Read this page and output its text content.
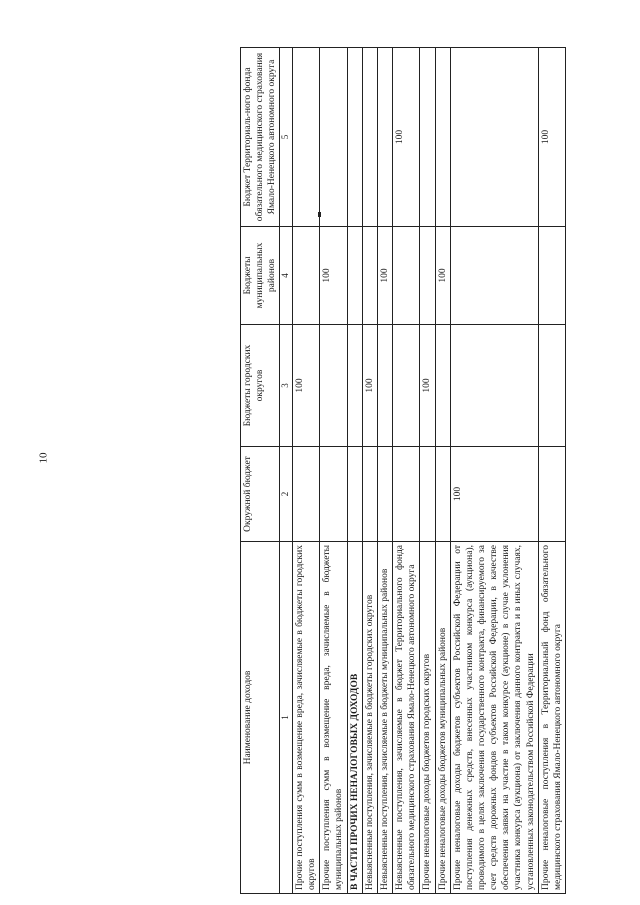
10
Наименование доходов	Окружной бюджет	Бюджеты городских округов	Бюджеты муниципальных районов	Бюджет Территориаль-ного фонда обязательного медицинского страхования Ямало-Ненецкого автономного округа
1	2	3	4	5
Прочие поступления сумм в возмещение вреда, зачисляемые в бюджеты городских округов		100		
Прочие поступления сумм в возмещение вреда, зачисляемые в бюджеты муниципальных районов			100	
В ЧАСТИ ПРОЧИХ НЕНАЛОГОВЫХ ДОХОДОВ				
Невыясненные поступления, зачисляемые в бюджеты городских округов		100		
Невыясненные поступления, зачисляемые в бюджеты муниципальных районов			100	
Невыясненные поступления, зачисляемые в бюджет Территориального фонда обязательного медицинского страхования Ямало-Ненецкого автономного округа				100
Прочие неналоговые доходы бюджетов городских округов		100		
Прочие неналоговые доходы бюджетов муниципальных районов			100	
Прочие неналоговые доходы бюджетов субъектов Российской Федерации от поступления денежных средств, внесенных участником конкурса (аукциона), проводимого в целях заключения государственного контракта, финансируемого за счет средств дорожных фондов субъектов Российской Федерации, в качестве обеспечения заявки на участие в таком конкурсе (аукционе) в случае уклонения участника конкурса (аукциона) от заключения данного контракта и в иных случаях, установленных законодательством Российской Федерации	100			
Прочие неналоговые поступления в Территориальный фонд обязательного медицинского страхования Ямало-Ненецкого автономного округа				100
